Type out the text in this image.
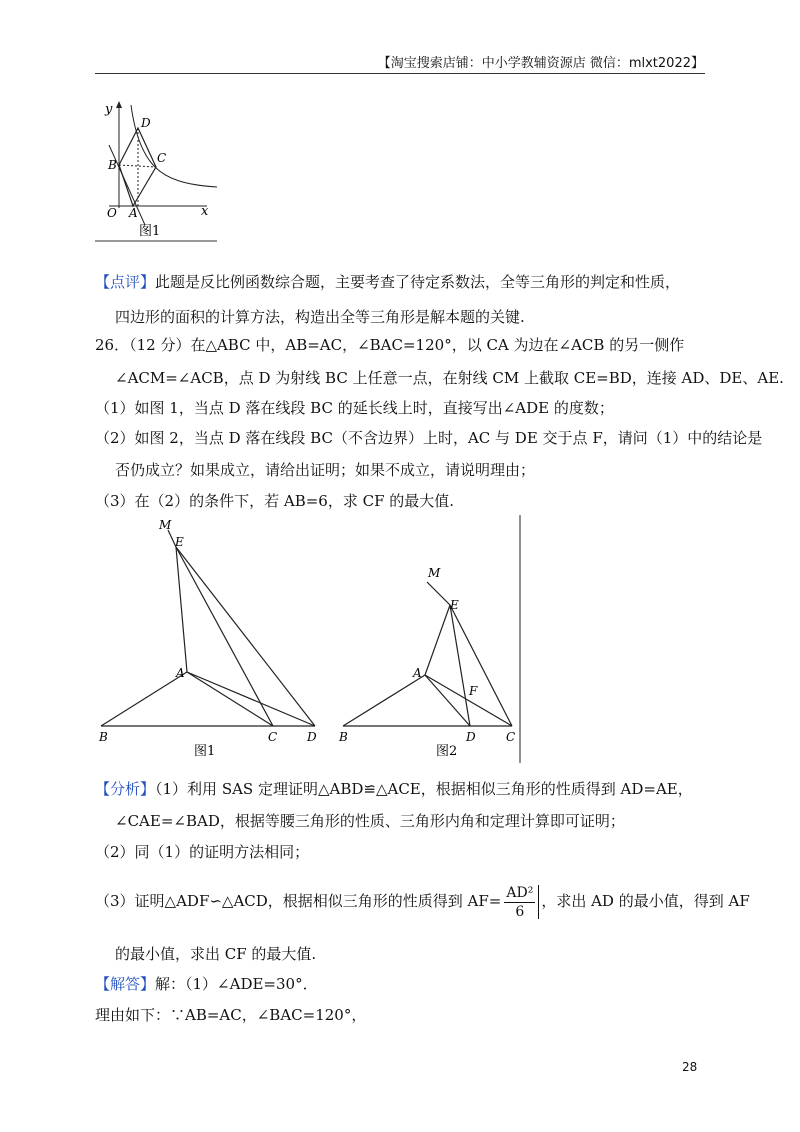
【淘宝搜索店铺：中小学教辅资源店 微信：mlxt2022】
y
D
C
B
O A	x
图1
【点评】此题是反比例函数综合题，主要考查了待定系数法，全等三角形的判定和性质，
四边形的面积的计算方法，构造出全等三角形是解本题的关键.
26．（12 分）在△ABC 中，AB=AC，∠BAC=120°，以 CA 为边在∠ACB 的另一侧作
∠ACM=∠ACB，点 D 为射线 BC 上任意一点，在射线 CM 上截取 CE=BD，连接 AD、DE、AE.
（1）如图 1，当点 D 落在线段 BC 的延长线上时，直接写出∠ADE 的度数；
（2）如图 2，当点 D 落在线段 BC（不含边界）上时，AC 与 DE 交于点 F，请问（1）中的结论是
否仍成立？如果成立，请给出证明；如果不成立，请说明理由；
（3）在（2）的条件下，若 AB=6，求 CF 的最大值.
M
E
A
B	C D
图1
M
E
A
F
B	D	C
图2
【分析】（1）利用 SAS 定理证明△ABD≌△ACE，根据相似三角形的性质得到 AD=AE，
∠CAE=∠BAD，根据等腰三角形的性质、三角形内角和定理计算即可证明；
（2）同（1）的证明方法相同；
（3）证明△ADF∽△ACD，根据相似三角形的性质得到 $AF= \frac{\text{AD²}}{6}$ ，求出 AD 的最小值，得到 AF
的最小值，求出 CF 的最大值.
【解答】解：（1）∠ADE=30°．
理由如下：∵AB=AC，∠BAC=120°，
28
